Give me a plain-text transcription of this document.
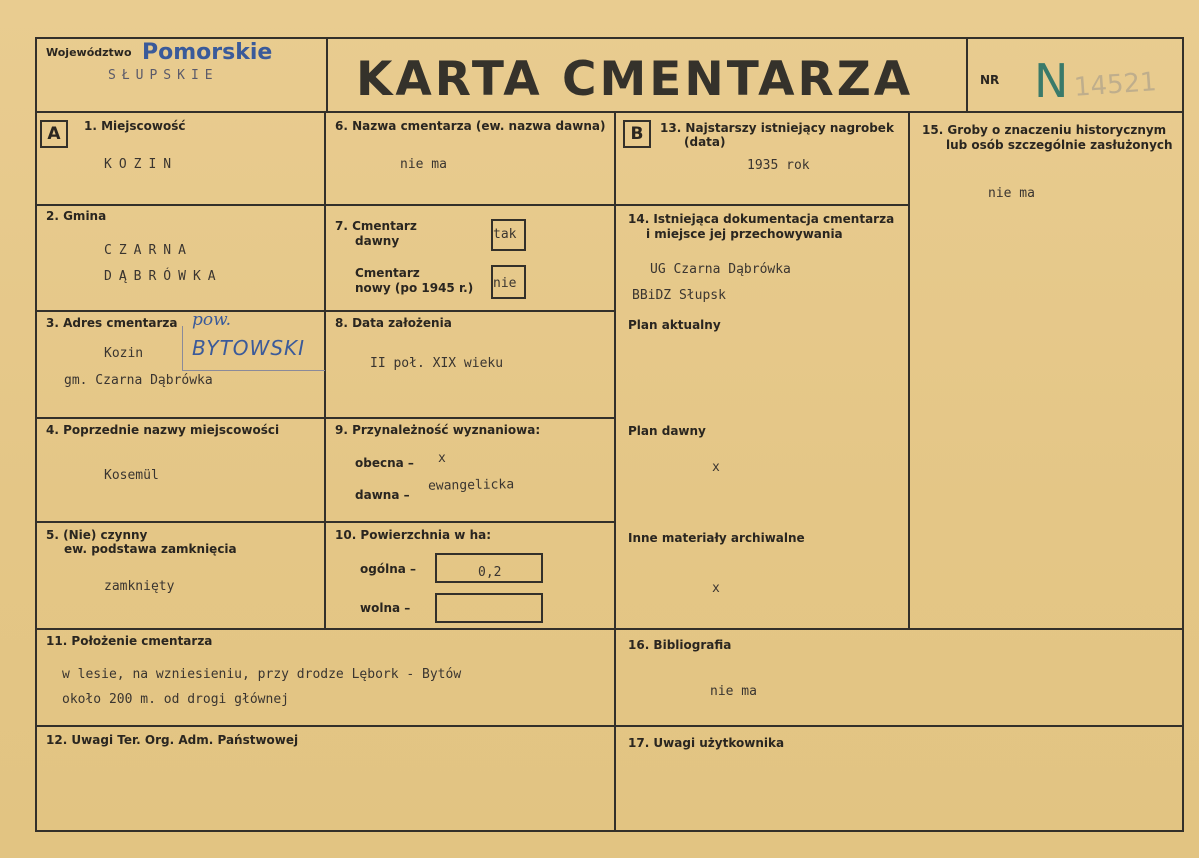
Województwo Pomorskie
SŁUPSKIE	KARTA CMENTARZA	NR N 14521
A	B
1. Miejscowość
KOZIN
2. Gmina
CZARNA
DĄBRÓWKA
3. Adres cmentarza pow.
BYTOWSKI
Kozin
gm. Czarna Dąbrówka
4. Poprzednie nazwy miejscowości
Kosemül
5. (Nie) czynny
ew. podstawa zamknięcia
zamknięty
6. Nazwa cmentarza (ew. nazwa dawna)
nie ma
7. Cmentarz
dawny	tak
Cmentarz
nowy (po 1945 r.) nie
8. Data założenia
II poł. XIX wieku
9. Przynależność wyznaniowa:
obecna – x
dawna –
ewangelicka
10. Powierzchnia w ha:
ogólna –	0,2
wolna –
11. Położenie cmentarza
w lesie, na wzniesieniu, przy drodze Lębork - Bytów
około 200 m. od drogi głównej
12. Uwagi Ter. Org. Adm. Państwowej
13. Najstarszy istniejący nagrobek
(data)
1935 rok
14. Istniejąca dokumentacja cmentarza
i miejsce jej przechowywania
UG Czarna Dąbrówka
BBiDZ Słupsk
Plan aktualny
Plan dawny
x
Inne materiały archiwalne
x
15. Groby o znaczeniu historycznym
lub osób szczególnie zasłużonych
nie ma
16. Bibliografia
nie ma
17. Uwagi użytkownika
